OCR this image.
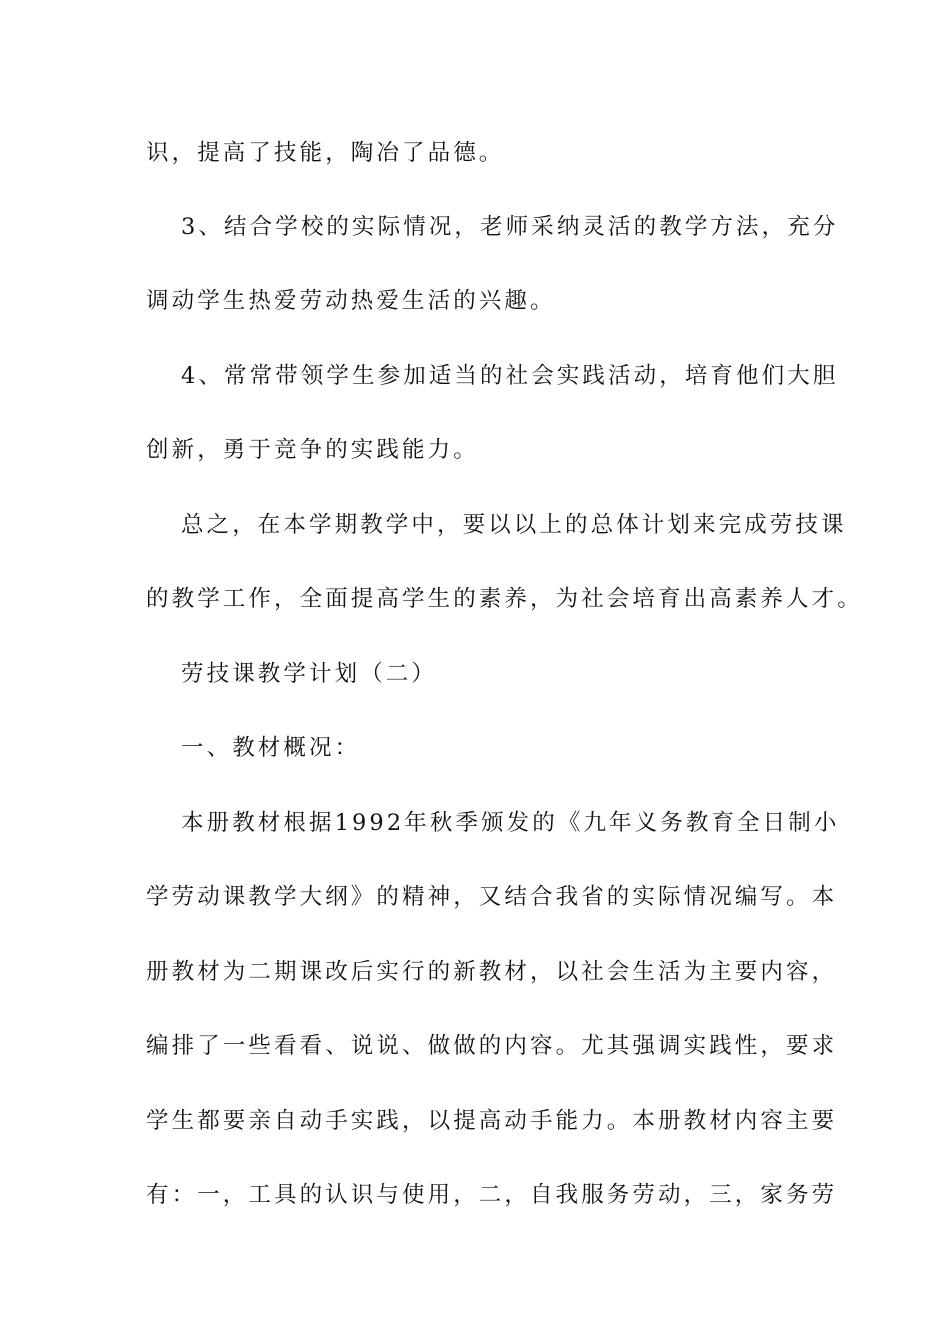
识，提高了技能，陶冶了品德。
3、结合学校的实际情况，老师采纳灵活的教学方法，充分
调动学生热爱劳动热爱生活的兴趣。
4、常常带领学生参加适当的社会实践活动，培育他们大胆
创新，勇于竞争的实践能力。
总之，在本学期教学中，要以以上的总体计划来完成劳技课
的教学工作，全面提高学生的素养，为社会培育出高素养人才。
劳技课教学计划（二）
一、教材概况：
本册教材根据1992年秋季颁发的《九年义务教育全日制小
学劳动课教学大纲》的精神，又结合我省的实际情况编写。本
册教材为二期课改后实行的新教材，以社会生活为主要内容，
编排了一些看看、说说、做做的内容。尤其强调实践性，要求
学生都要亲自动手实践，以提高动手能力。本册教材内容主要
有：一，工具的认识与使用，二，自我服务劳动，三，家务劳
